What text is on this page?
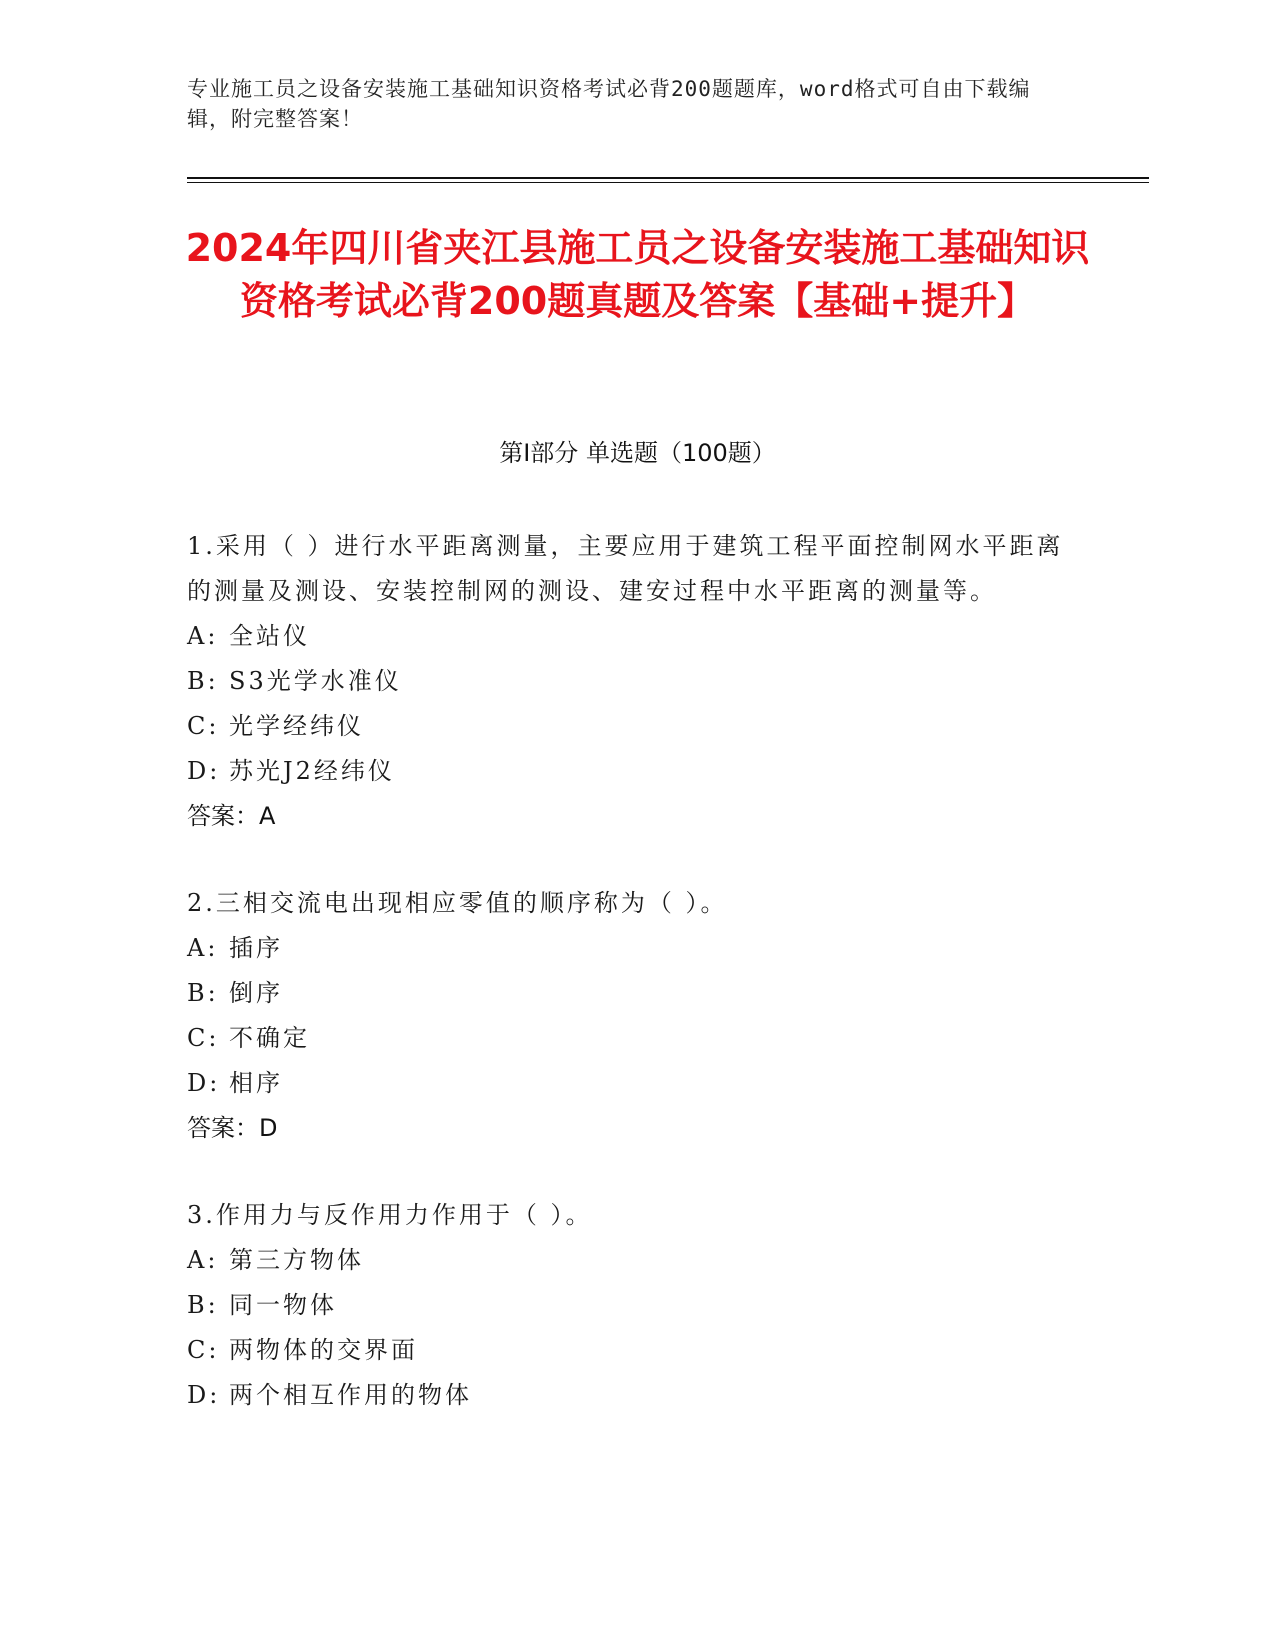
专业施工员之设备安装施工基础知识资格考试必背200题题库，word格式可自由下载编辑，附完整答案！
2024年四川省夹江县施工员之设备安装施工基础知识资格考试必背200题真题及答案【基础+提升】
第I部分 单选题（100题）
1.采用（ ）进行水平距离测量，主要应用于建筑工程平面控制网水平距离的测量及测设、安装控制网的测设、建安过程中水平距离的测量等。
A: 全站仪
B: S3光学水准仪
C: 光学经纬仪
D: 苏光J2经纬仪
答案：A
2.三相交流电出现相应零值的顺序称为（ ）。
A: 插序
B: 倒序
C: 不确定
D: 相序
答案：D
3.作用力与反作用力作用于（ ）。
A: 第三方物体
B: 同一物体
C: 两物体的交界面
D: 两个相互作用的物体
